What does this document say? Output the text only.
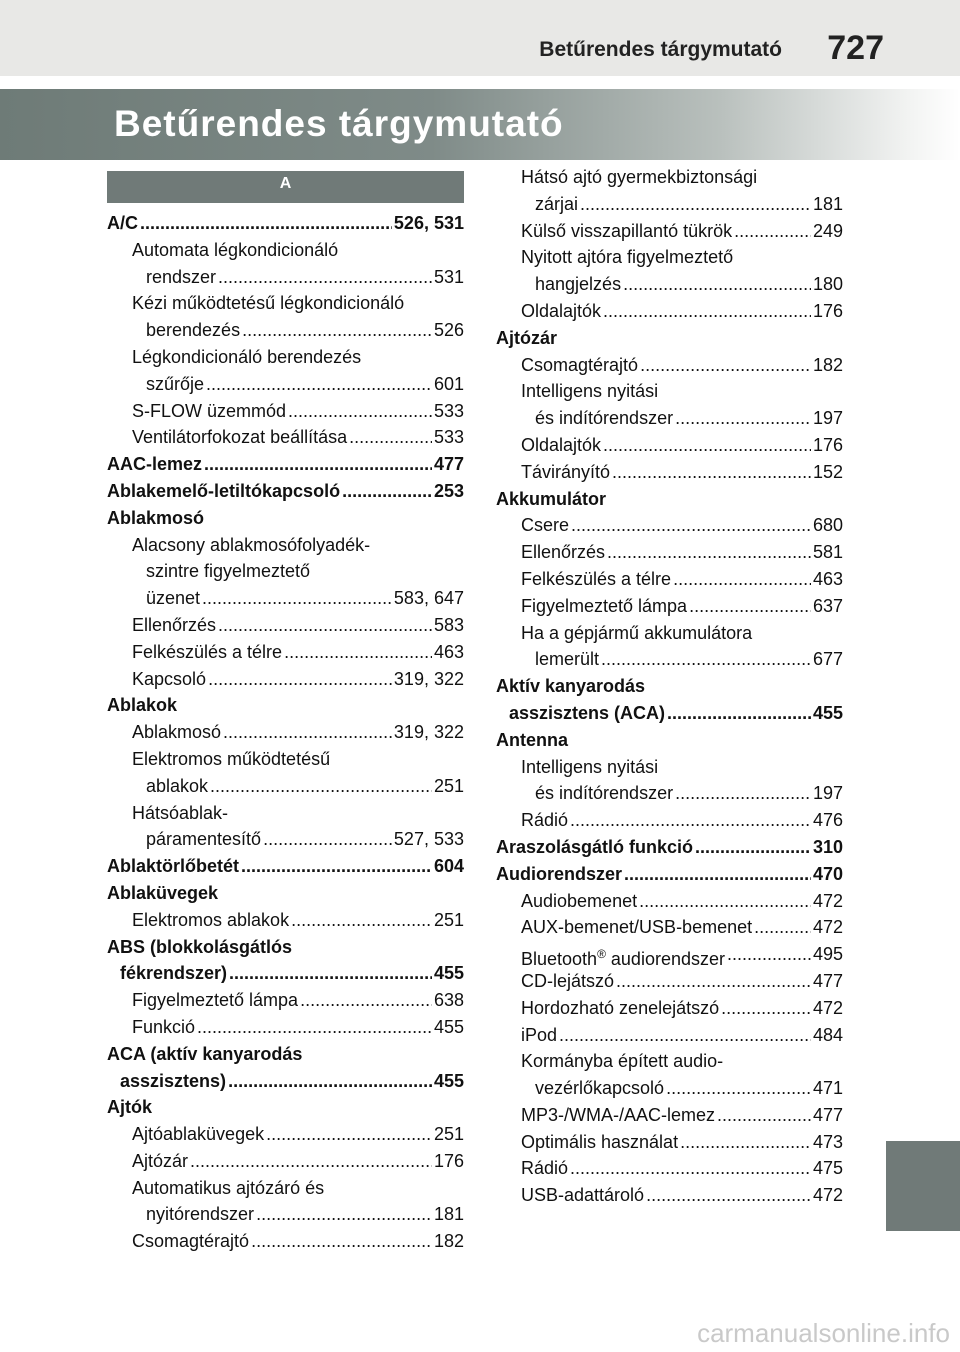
Betűrendes tárgymutató 727
Betűrendes tárgymutató
A
A/C . . .	526, 531
Automata légkondicionáló
rendszer . . .	531
Kézi működtetésű légkondicionáló
berendezés . . .	526
Légkondicionáló berendezés
szűrője . . .	601
S-FLOW üzemmód . . .	533
Ventilátorfokozat beállítása . . .	533
AAC-lemez . . .	477
Ablakemelő-letiltókapcsoló . . .	253
Ablakmosó
Alacsony ablakmosófolyadék-
szintre figyelmeztető
üzenet . . .	583, 647
Ellenőrzés . . .	583
Felkészülés a télre . . .	463
Kapcsoló . . .	319, 322
Ablakok
Ablakmosó . . .	319, 322
Elektromos működtetésű
ablakok . . .	251
Hátsóablak-
páramentesítő . . .	527, 533
Ablaktörlőbetét . . .	604
Ablaküvegek
Elektromos ablakok . . .	251
ABS (blokkolásgátlós
fékrendszer) . . .	455
Figyelmeztető lámpa . . .	638
Funkció . . .	455
ACA (aktív kanyarodás
asszisztens) . . .	455
Ajtók
Ajtóablaküvegek . . .	251
Ajtózár . . .	176
Automatikus ajtózáró és
nyitórendszer . . .	181
Csomagtérajtó . . .	182
Hátsó ajtó gyermekbiztonsági
zárjai . . .	181
Külső visszapillantó tükrök . . .	249
Nyitott ajtóra figyelmeztető
hangjelzés . . .	180
Oldalajtók . . .	176
Ajtózár
Csomagtérajtó . . .	182
Intelligens nyitási
és indítórendszer . . .	197
Oldalajtók . . .	176
Távirányító . . .	152
Akkumulátor
Csere . . .	680
Ellenőrzés . . .	581
Felkészülés a télre . . .	463
Figyelmeztető lámpa . . .	637
Ha a gépjármű akkumulátora
lemerült . . .	677
Aktív kanyarodás
asszisztens (ACA) . . .	455
Antenna
Intelligens nyitási
és indítórendszer . . .	197
Rádió . . .	476
Araszolásgátló funkció . . .	310
Audiorendszer . . .	470
Audiobemenet . . .	472
AUX-bemenet/USB-bemenet . . .	472
Bluetooth® audiorendszer . . .	495
CD-lejátszó . . .	477
Hordozható zenelejátszó . . .	472
iPod . . .	484
Kormányba épített audio-
vezérlőkapcsoló . . .	471
MP3-/WMA-/AAC-lemez . . .	477
Optimális használat . . .	473
Rádió . . .	475
USB-adattároló . . .	472
carmanualsonline.info
